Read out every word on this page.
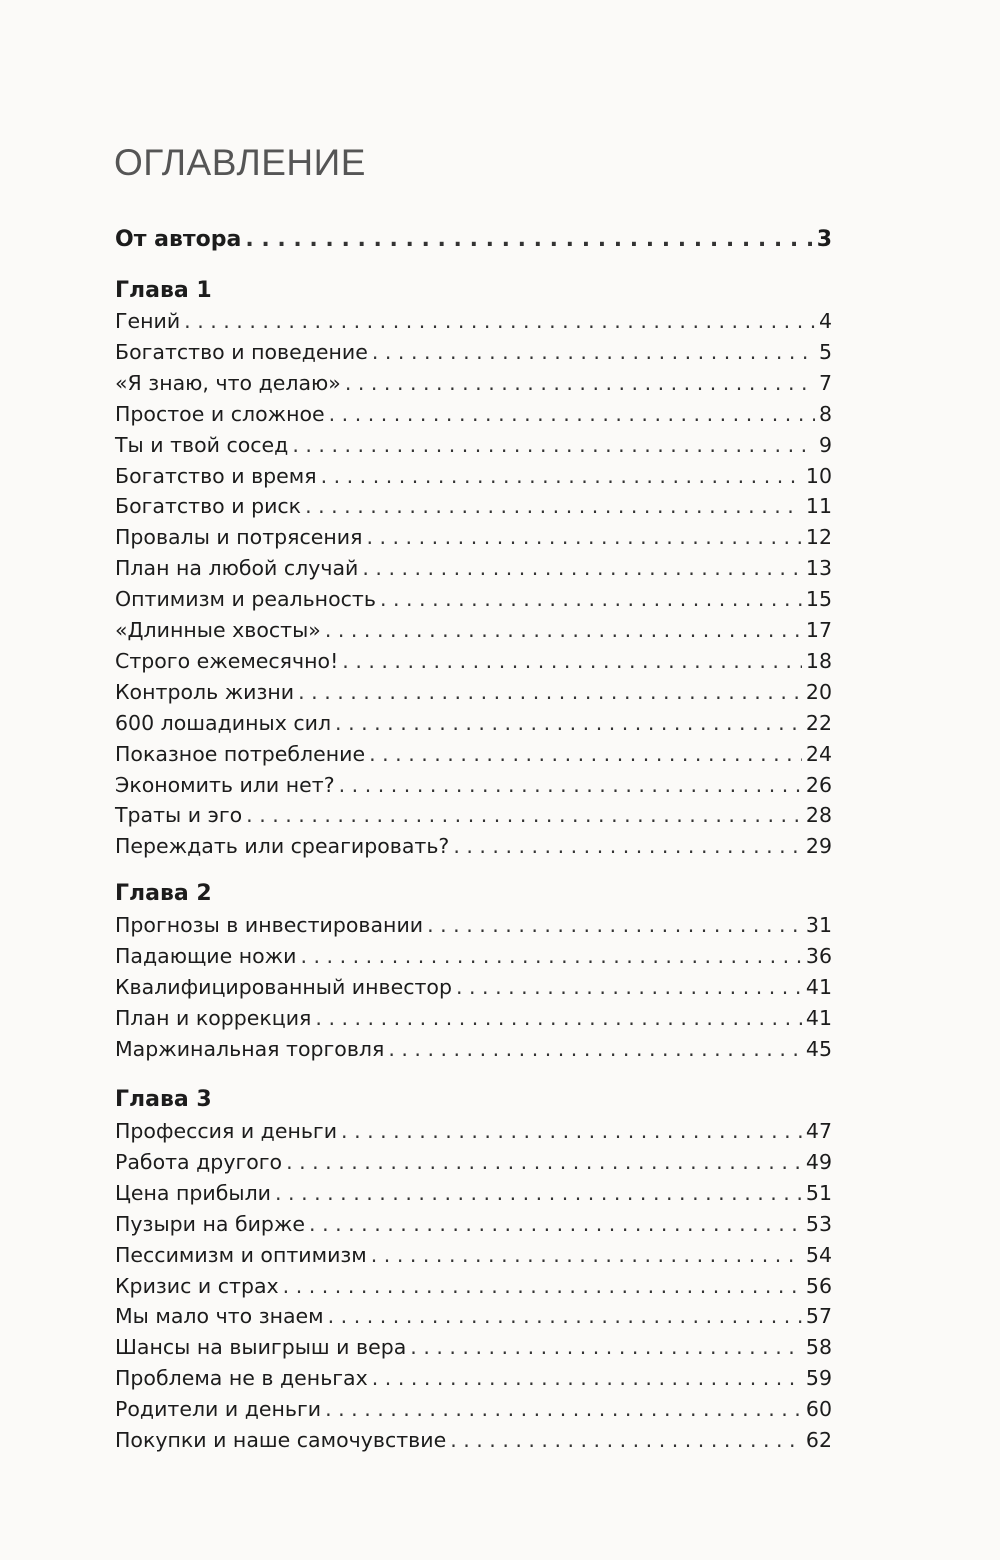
ОГЛАВЛЕНИЕ
От автора . . .	3
Глава 1
Гений . . .	4
Богатство и поведение . . .	5
«Я знаю, что делаю» . . .	7
Простое и сложное . . .	8
Ты и твой сосед . . .	9
Богатство и время . . .	10
Богатство и риск . . .	11
Провалы и потрясения . . .	12
План на любой случай . . .	13
Оптимизм и реальность . . .	15
«Длинные хвосты» . . .	17
Строго ежемесячно! . . .	18
Контроль жизни . . .	20
600 лошадиных сил . . .	22
Показное потребление . . .	24
Экономить или нет? . . .	26
Траты и эго . . .	28
Переждать или среагировать? . . .	29
Глава 2
Прогнозы в инвестировании . . .	31
Падающие ножи . . .	36
Квалифицированный инвестор . . .	41
План и коррекция . . .	41
Маржинальная торговля . . .	45
Глава 3
Профессия и деньги . . .	47
Работа другого . . .	49
Цена прибыли . . .	51
Пузыри на бирже . . .	53
Пессимизм и оптимизм . . .	54
Кризис и страх . . .	56
Мы мало что знаем . . .	57
Шансы на выигрыш и вера . . .	58
Проблема не в деньгах . . .	59
Родители и деньги . . .	60
Покупки и наше самочувствие . . .	62
